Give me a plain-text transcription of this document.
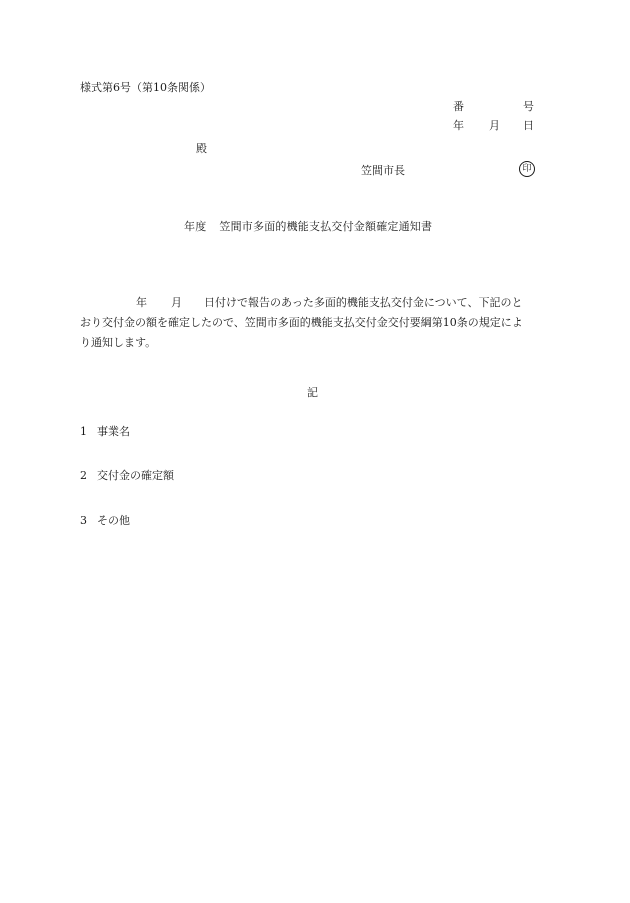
様式第6号（第10条関係）
番	号
年 月 日
殿
笠間市長	印
年度 笠間市多面的機能支払交付金額確定通知書
年 月 日付けで報告のあった多面的機能支払交付金について、下記のと
おり交付金の額を確定したので、笠間市多面的機能支払交付金交付要綱第10条の規定によ
り通知します。
記
1 事業名
2 交付金の確定額
3 その他
